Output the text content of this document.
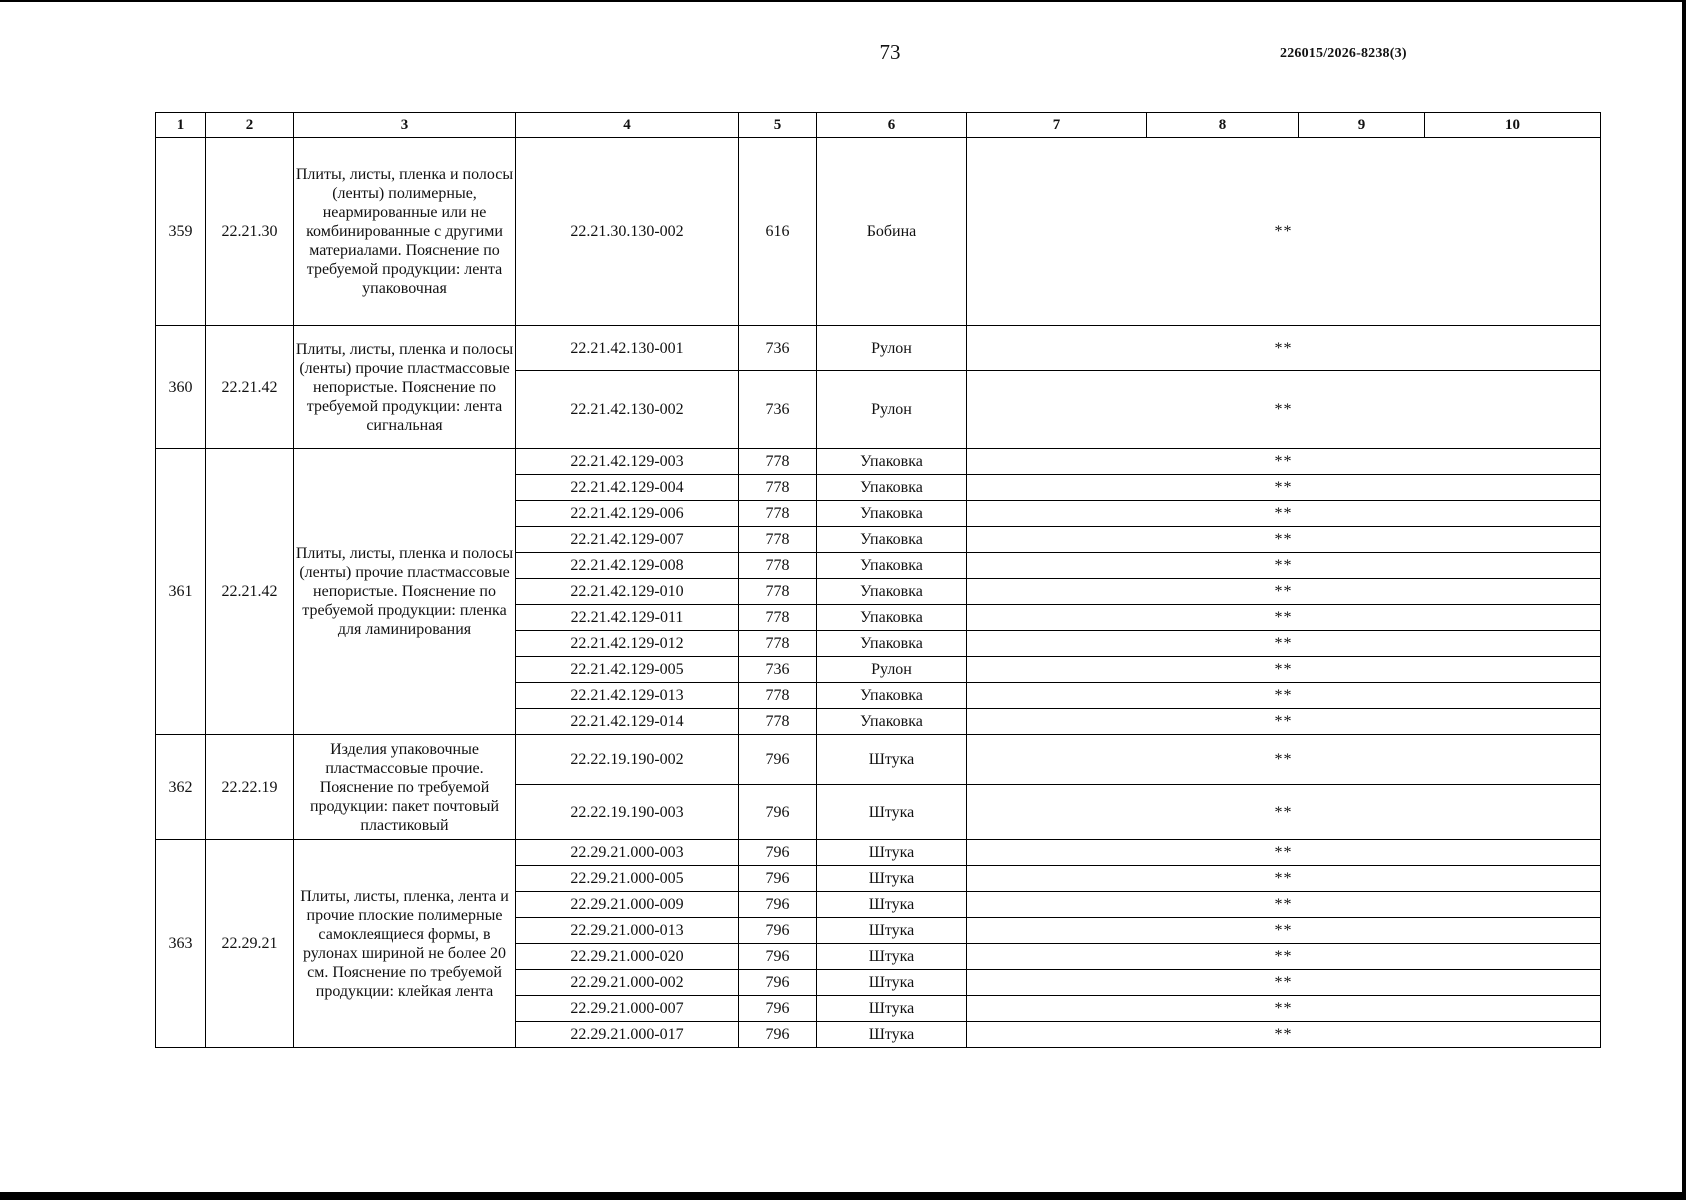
73	226015/2026-8238(3)
1	2	3	4	5	6	7	8	9	10
359	22.21.30	Плиты, листы, пленка и полосы (ленты) полимерные, неармированные или не комбинированные с другими материалами. Пояснение по требуемой продукции: лента упаковочная	22.21.30.130-002	616	Бобина	**			
360	22.21.42	Плиты, листы, пленка и полосы (ленты) прочие пластмассовые непористые. Пояснение по требуемой продукции: лента сигнальная	22.21.42.130-001	736	Рулон	**			
			22.21.42.130-002	736	Рулон	**			
361	22.21.42	Плиты, листы, пленка и полосы (ленты) прочие пластмассовые непористые. Пояснение по требуемой продукции: пленка для ламинирования	22.21.42.129-003	778	Упаковка	**			
			22.21.42.129-004	778	Упаковка	**			
			22.21.42.129-006	778	Упаковка	**			
			22.21.42.129-007	778	Упаковка	**			
			22.21.42.129-008	778	Упаковка	**			
			22.21.42.129-010	778	Упаковка	**			
			22.21.42.129-011	778	Упаковка	**			
			22.21.42.129-012	778	Упаковка	**			
			22.21.42.129-005	736	Рулон	**			
			22.21.42.129-013	778	Упаковка	**			
			22.21.42.129-014	778	Упаковка	**			
362	22.22.19	Изделия упаковочные пластмассовые прочие. Пояснение по требуемой продукции: пакет почтовый пластиковый	22.22.19.190-002	796	Штука	**			
			22.22.19.190-003	796	Штука	**			
363	22.29.21	Плиты, листы, пленка, лента и прочие плоские полимерные самоклеящиеся формы, в рулонах шириной не более 20 см. Пояснение по требуемой продукции: клейкая лента	22.29.21.000-003	796	Штука	**			
			22.29.21.000-005	796	Штука	**			
			22.29.21.000-009	796	Штука	**			
			22.29.21.000-013	796	Штука	**			
			22.29.21.000-020	796	Штука	**			
			22.29.21.000-002	796	Штука	**			
			22.29.21.000-007	796	Штука	**			
			22.29.21.000-017	796	Штука	**			
